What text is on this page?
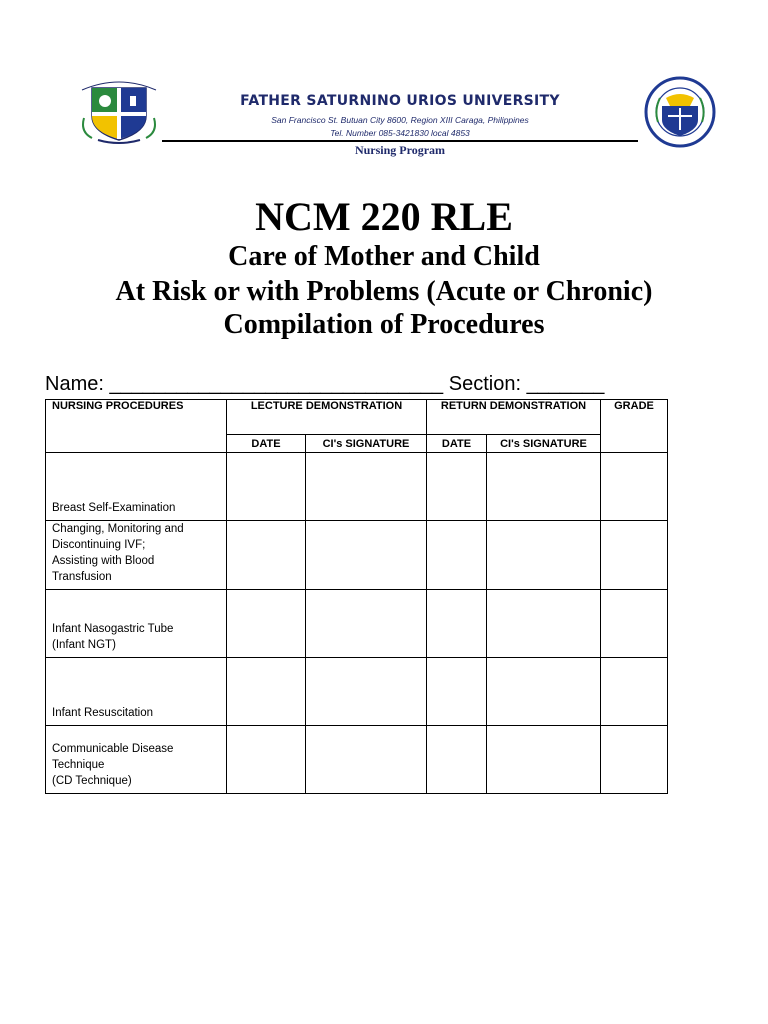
FATHER SATURNINO URIOS UNIVERSITY
San Francisco St. Butuan City 8600, Region XIII Caraga, Philippines
Tel. Number 085-3421830 local 4853
Nursing Program
NCM 220 RLE
Care of Mother and Child
At Risk or with Problems (Acute or Chronic)
Compilation of Procedures
Name: ______________________________ Section: _______
NURSING PROCEDURES	LECTURE DEMONSTRATION		RETURN DEMONSTRATION		GRADE
	DATE	CI's SIGNATURE	DATE	CI's SIGNATURE	

Breast Self-Examination					

Changing, Monitoring and
Discontinuing IVF;
Assisting with Blood
Transfusion					

Infant Nasogastric Tube
(Infant NGT)					

Infant Resuscitation					

Communicable Disease
Technique
(CD Technique)					
